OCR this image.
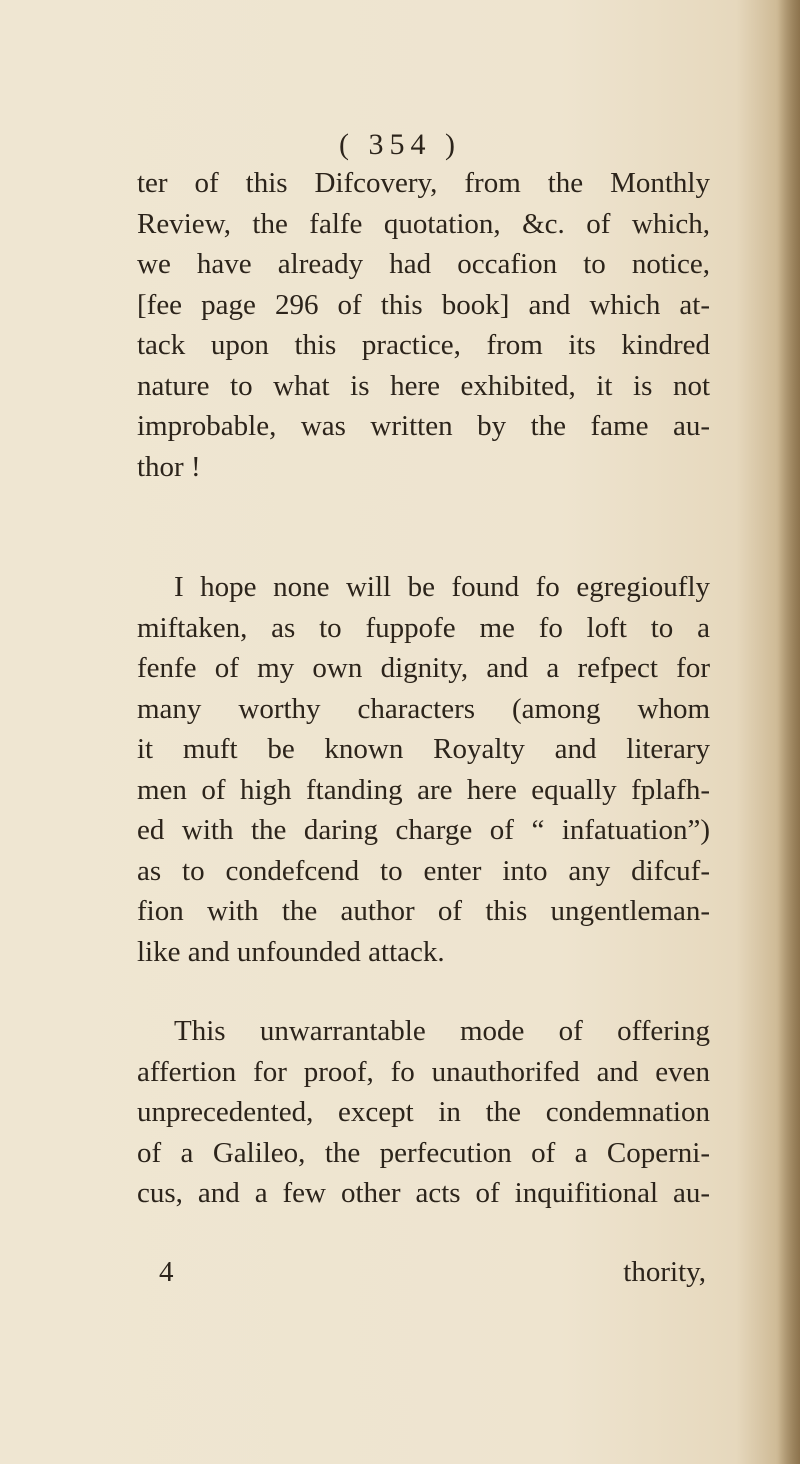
( 354 )
ter of this Difcovery, from the Monthly
Review, the falfe quotation, &c. of which,
we have already had occafion to notice,
[fee page 296 of this book] and which at-
tack upon this practice, from its kindred
nature to what is here exhibited, it is not
improbable, was written by the fame au-
thor !
I hope none will be found fo egregioufly
miftaken, as to fuppofe me fo loft to a
fenfe of my own dignity, and a refpect for
many worthy characters (among whom
it muft be known Royalty and literary
men of high ftanding are here equally fplafh-
ed with the daring charge of “ infatuation”)
as to condefcend to enter into any difcuf-
fion with the author of this ungentleman-
like and unfounded attack.
This unwarrantable mode of offering
affertion for proof, fo unauthorifed and even
unprecedented, except in the condemnation
of a Galileo, the perfecution of a Coperni-
cus, and a few other acts of inquifitional au-
4	thority,
